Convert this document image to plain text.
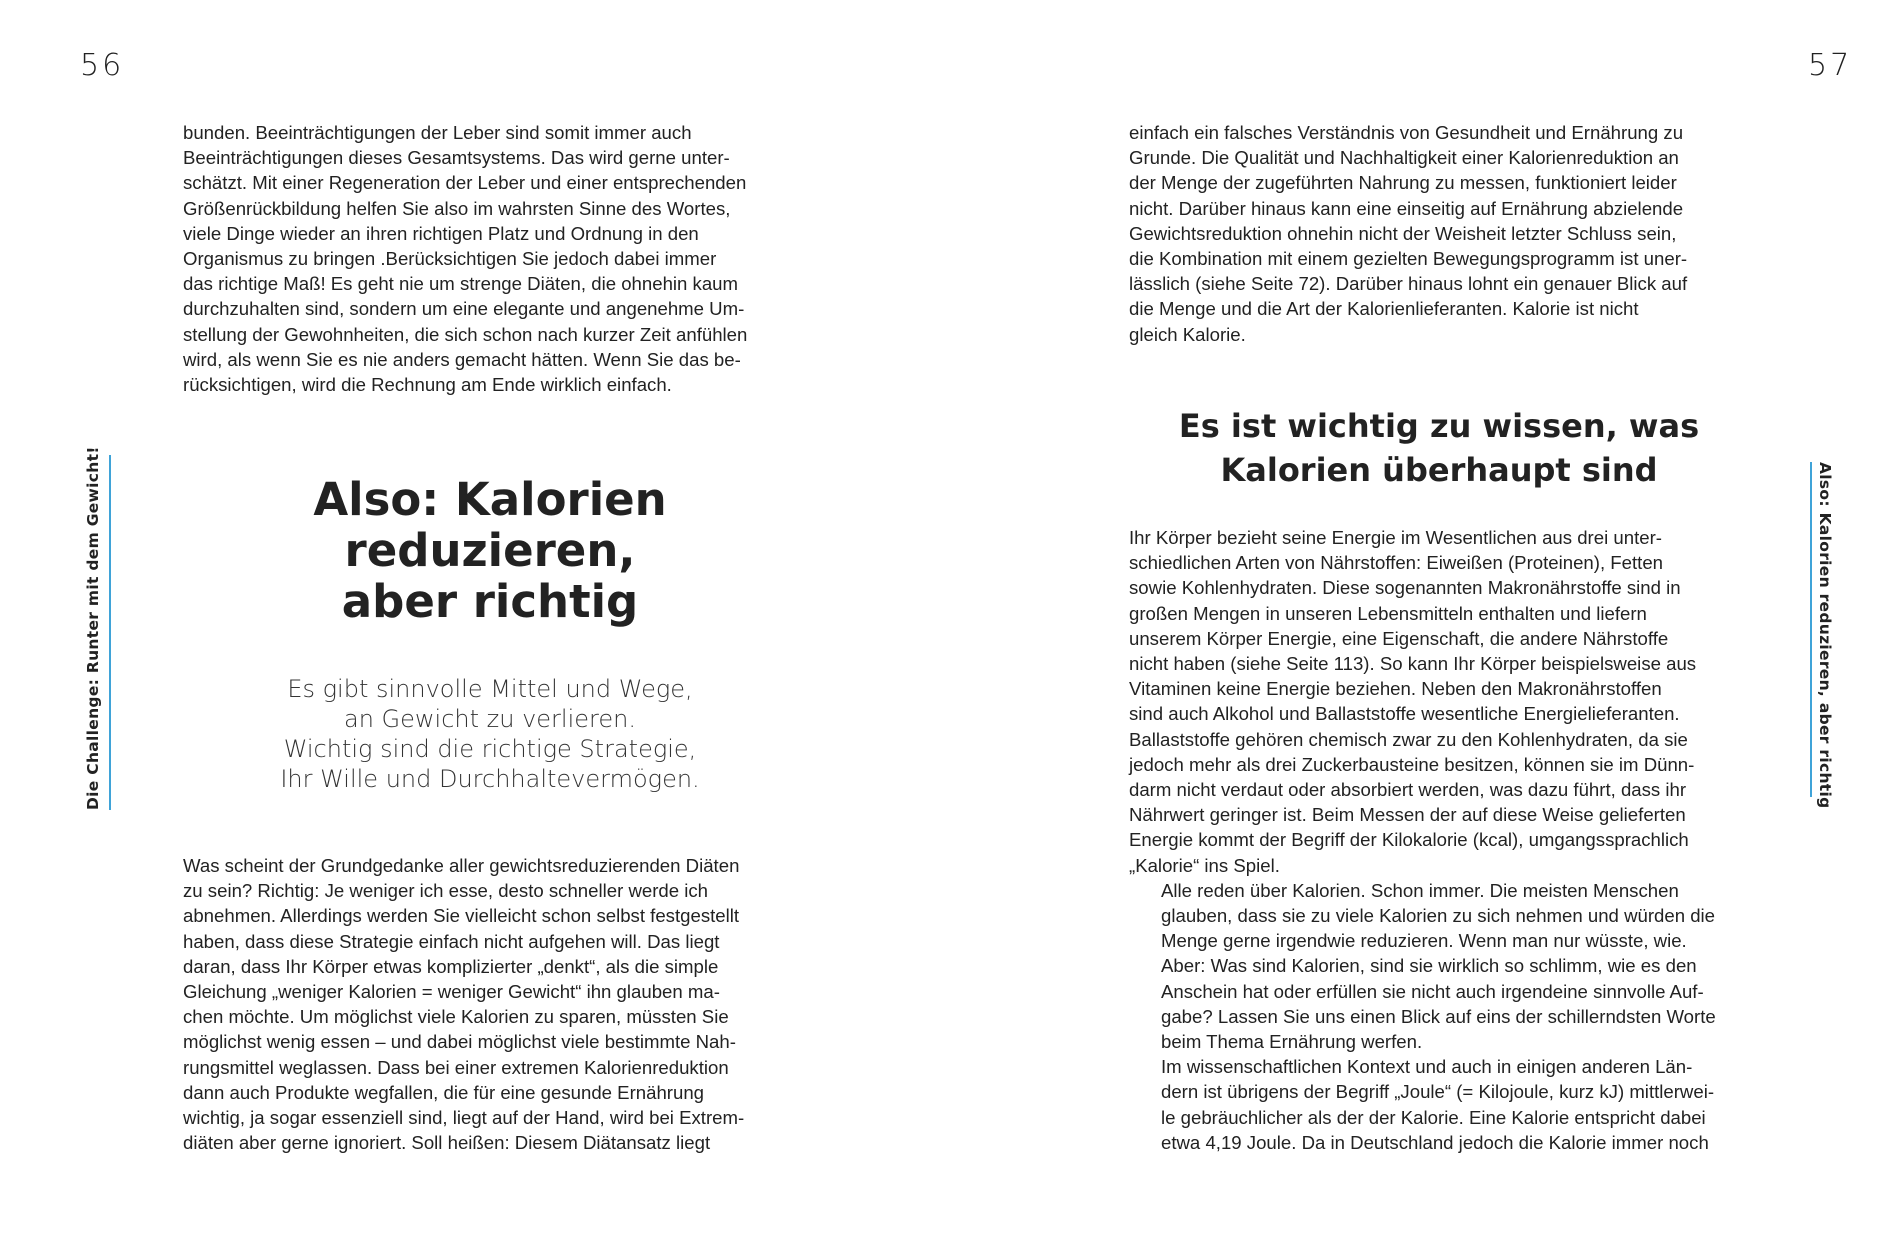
56	57
Die Challenge: Runter mit dem Gewicht!	Also: Kalorien reduzieren, aber richtig

bunden. Beeinträchtigungen der Leber sind somit immer auch
Beeinträchtigungen dieses Gesamtsystems. Das wird gerne unter-
schätzt. Mit einer Regeneration der Leber und einer entsprechenden
Größenrückbildung helfen Sie also im wahrsten Sinne des Wortes,
viele Dinge wieder an ihren richtigen Platz und Ordnung in den
Organismus zu bringen .Berücksichtigen Sie jedoch dabei immer
das richtige Maß! Es geht nie um strenge Diäten, die ohnehin kaum
durchzuhalten sind, sondern um eine elegante und angenehme Um-
stellung der Gewohnheiten, die sich schon nach kurzer Zeit anfühlen
wird, als wenn Sie es nie anders gemacht hätten. Wenn Sie das be-
rücksichtigen, wird die Rechnung am Ende wirklich einfach.

Also: Kalorien
reduzieren,
aber richtig

Es gibt sinnvolle Mittel und Wege,
an Gewicht zu verlieren.
Wichtig sind die richtige Strategie,
Ihr Wille und Durchhaltevermögen.

Was scheint der Grundgedanke aller gewichtsreduzierenden Diäten
zu sein? Richtig: Je weniger ich esse, desto schneller werde ich
abnehmen. Allerdings werden Sie vielleicht schon selbst festgestellt
haben, dass diese Strategie einfach nicht aufgehen will. Das liegt
daran, dass Ihr Körper etwas komplizierter „denkt“, als die simple
Gleichung „weniger Kalorien = weniger Gewicht“ ihn glauben ma-
chen möchte. Um möglichst viele Kalorien zu sparen, müssten Sie
möglichst wenig essen – und dabei möglichst viele bestimmte Nah-
rungsmittel weglassen. Dass bei einer extremen Kalorienreduktion
dann auch Produkte wegfallen, die für eine gesunde Ernährung
wichtig, ja sogar essenziell sind, liegt auf der Hand, wird bei Extrem-
diäten aber gerne ignoriert. Soll heißen: Diesem Diätansatz liegt

einfach ein falsches Verständnis von Gesundheit und Ernährung zu
Grunde. Die Qualität und Nachhaltigkeit einer Kalorienreduktion an
der Menge der zugeführten Nahrung zu messen, funktioniert leider
nicht. Darüber hinaus kann eine einseitig auf Ernährung abzielende
Gewichtsreduktion ohnehin nicht der Weisheit letzter Schluss sein,
die Kombination mit einem gezielten Bewegungsprogramm ist uner-
lässlich (siehe Seite 72). Darüber hinaus lohnt ein genauer Blick auf
die Menge und die Art der Kalorienlieferanten. Kalorie ist nicht
gleich Kalorie.

Es ist wichtig zu wissen, was
Kalorien überhaupt sind

Ihr Körper bezieht seine Energie im Wesentlichen aus drei unter-
schiedlichen Arten von Nährstoffen: Eiweißen (Proteinen), Fetten
sowie Kohlenhydraten. Diese sogenannten Makronährstoffe sind in
großen Mengen in unseren Lebensmitteln enthalten und liefern
unserem Körper Energie, eine Eigenschaft, die andere Nährstoffe
nicht haben (siehe Seite 113). So kann Ihr Körper beispielsweise aus
Vitaminen keine Energie beziehen. Neben den Makronährstoffen
sind auch Alkohol und Ballaststoffe wesentliche Energielieferanten.
Ballaststoffe gehören chemisch zwar zu den Kohlenhydraten, da sie
jedoch mehr als drei Zuckerbausteine besitzen, können sie im Dünn-
darm nicht verdaut oder absorbiert werden, was dazu führt, dass ihr
Nährwert geringer ist. Beim Messen der auf diese Weise gelieferten
Energie kommt der Begriff der Kilokalorie (kcal), umgangssprachlich
„Kalorie“ ins Spiel.

Alle reden über Kalorien. Schon immer. Die meisten Menschen
glauben, dass sie zu viele Kalorien zu sich nehmen und würden die
Menge gerne irgendwie reduzieren. Wenn man nur wüsste, wie.
Aber: Was sind Kalorien, sind sie wirklich so schlimm, wie es den
Anschein hat oder erfüllen sie nicht auch irgendeine sinnvolle Auf-
gabe? Lassen Sie uns einen Blick auf eins der schillerndsten Worte
beim Thema Ernährung werfen.

Im wissenschaftlichen Kontext und auch in einigen anderen Län-
dern ist übrigens der Begriff „Joule“ (= Kilojoule, kurz kJ) mittlerwei-
le gebräuchlicher als der der Kalorie. Eine Kalorie entspricht dabei
etwa 4,19 Joule. Da in Deutschland jedoch die Kalorie immer noch
